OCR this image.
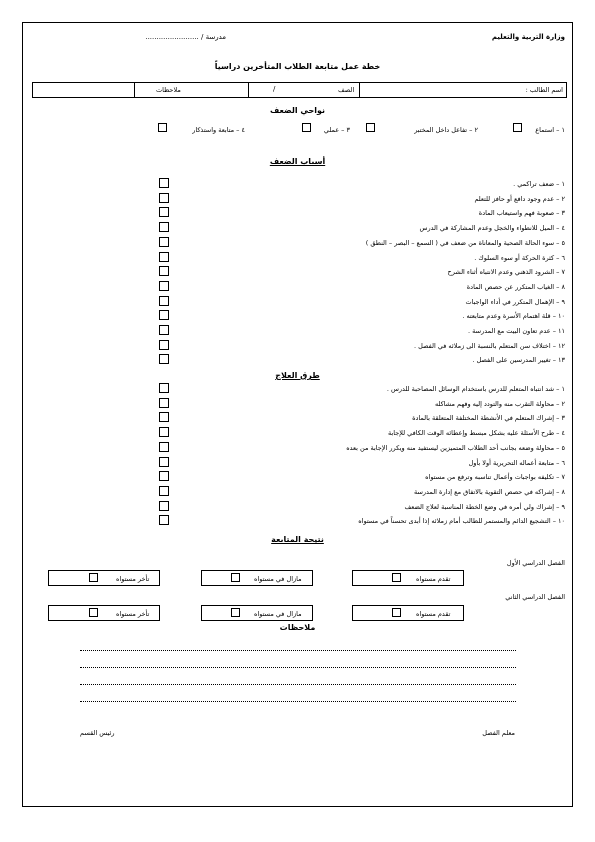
وزارة التربية والتعليم
مدرسة / ........................
خطة عمل متابعة الطلاب المتأخرين دراسياً
اسم الطالب :
الصف
/
ملاحظات
نواحي الضعف
١ – استماع
٢ – تفاعل داخل المختبر
٣ – عملي
٤ – متابعة واستذكار
أسباب الضعف
١ – ضعف تراكمي .
٢ – عدم وجود دافع أو حافز للتعلم
٣ – صعوبة فهم واستيعاب المادة
٤ – الميل للانطواء والخجل وعدم المشاركة في الدرس
٥ – سوء الحالة الصحية والمعاناة من ضعف في ( السمع – البصر – النطق )
٦ – كثرة الحركة أو سوء السلوك .
٧ – الشرود الذهني وعدم الانتباه أثناء الشرح
٨ – الغياب المتكرر عن حصص المادة
٩ – الإهمال المتكرر في أداء الواجبات
١٠ – قلة اهتمام الأسرة وعدم متابعته .
١١ – عدم تعاون البيت مع المدرسة .
١٢ – اختلاف سن المتعلم بالنسبة الى زملائه في الفصل .
١٣ – تغيير المدرسين على الفصل .
طرق العلاج
١ – شد انتباه المتعلم للدرس باستخدام الوسائل المصاحبة للدرس .
٢ – محاولة التقرب منه والتودد إليه وفهم مشاكله
٣ – إشراك المتعلم في الأنشطة المختلفة المتعلقة بالمادة
٤ – طرح الأسئلة عليه بشكل مبسط وإعطائه الوقت الكافي للإجابة
٥ – محاولة وضعه بجانب أحد الطلاب المتميزين ليستفيد منه ويكرر الإجابة من بعده
٦ – متابعة أعماله التحريرية أولا بأول
٧ – تكليفه بواجبات وأعمال تناسبه وترفع من مستواه
٨ – إشراكه في حصص التقوية بالاتفاق مع إدارة المدرسة
٩ – إشراك ولي أمره في وضع الخطة المناسبة لعلاج الضعف
١٠ – التشجيع الدائم والمستمر للطالب أمام زملائه إذا أبدى تحسناً في مستواه
نتيجة المتابعة
الفصل الدراسي الأول
الفصل الدراسي الثاني
تقدم مستواه
مازال في مستواه
تأخر مستواه
تقدم مستواه
مازال في مستواه
تأخر مستواه
ملاحظات
معلم الفصل
رئيس القسم
